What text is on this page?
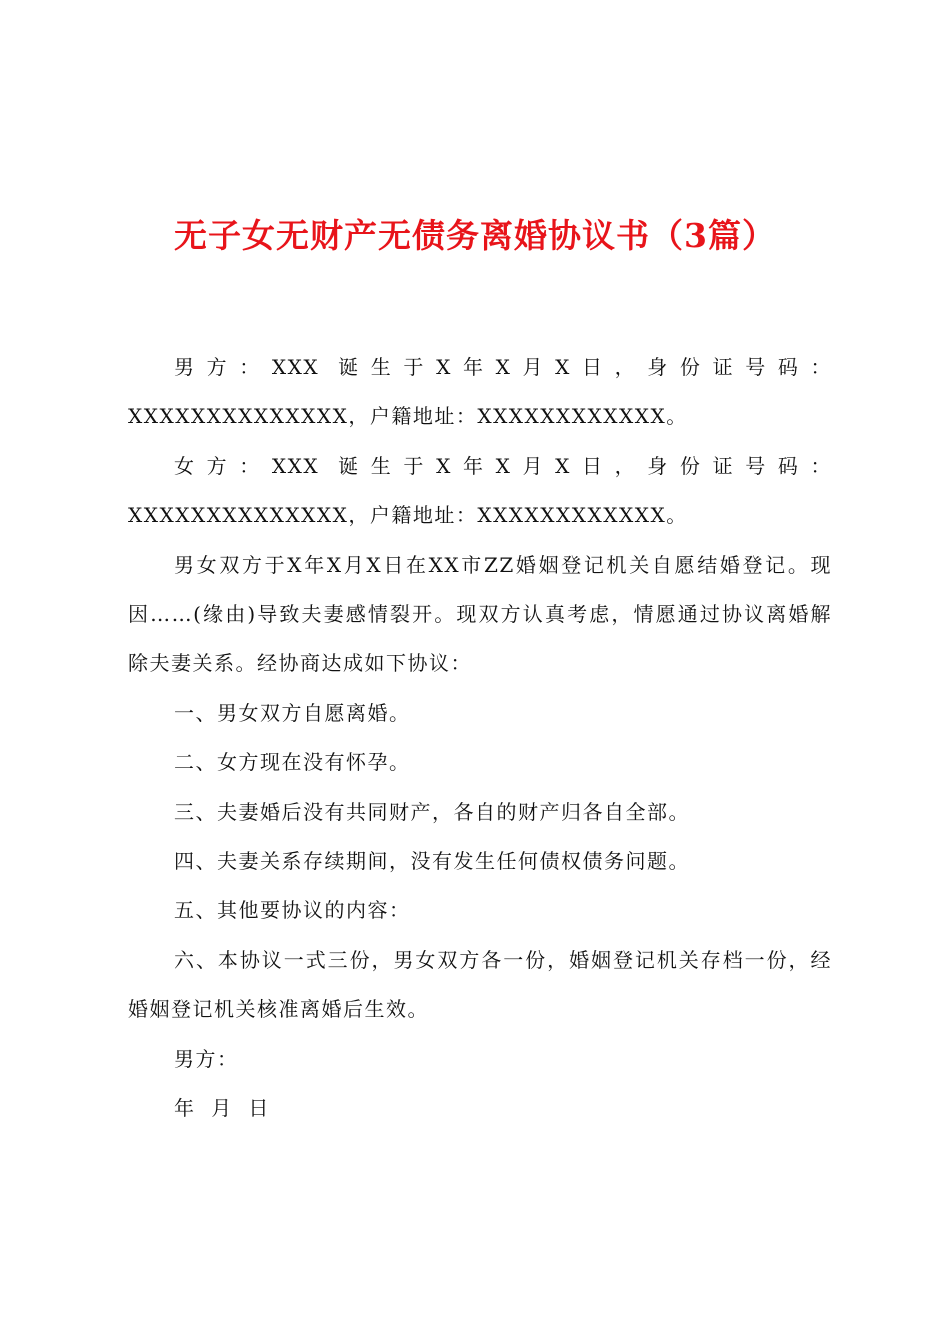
无子女无财产无债务离婚协议书（3篇）

男方：XXX 诞生于X年X月X日，身份证号码：XXXXXXXXXXXXXX，户籍地址：XXXXXXXXXXXX。

女方：XXX 诞生于X年X月X日，身份证号码：XXXXXXXXXXXXXX，户籍地址：XXXXXXXXXXXX。

男女双方于X年X月X日在XX市ZZ婚姻登记机关自愿结婚登记。现因……(缘由)导致夫妻感情裂开。现双方认真考虑，情愿通过协议离婚解除夫妻关系。经协商达成如下协议：

一、男女双方自愿离婚。

二、女方现在没有怀孕。

三、夫妻婚后没有共同财产，各自的财产归各自全部。

四、夫妻关系存续期间，没有发生任何债权债务问题。

五、其他要协议的内容：

六、本协议一式三份，男女双方各一份，婚姻登记机关存档一份，经婚姻登记机关核准离婚后生效。

男方：

年  月  日
